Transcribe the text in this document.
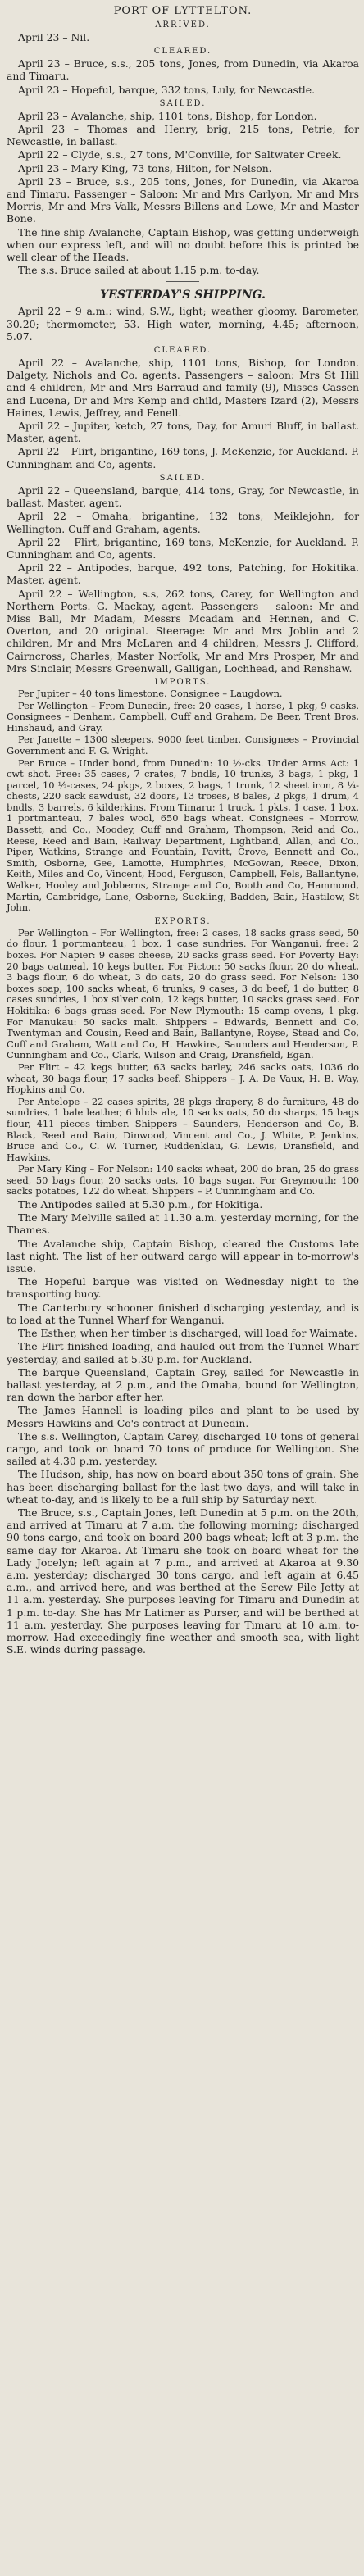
PORT OF LYTTELTON.
ARRIVED.

April 23 – Nil.

CLEARED.

April 23 – Bruce, s.s., 205 tons, Jones, from Dunedin, via Akaroa and Timaru.

April 23 – Hopeful, barque, 332 tons, Luly, for Newcastle.

SAILED.

April 23 – Avalanche, ship, 1101 tons, Bishop, for London.

April 23 – Thomas and Henry, brig, 215 tons, Petrie, for Newcastle, in ballast.

April 22 – Clyde, s.s., 27 tons, M'Conville, for Saltwater Creek.

April 23 – Mary King, 73 tons, Hilton, for Nelson.

April 23 – Bruce, s.s., 205 tons, Jones, for Dunedin, via Akaroa and Timaru. Passenger – Saloon: Mr and Mrs Carlyon, Mr and Mrs Morris, Mr and Mrs Valk, Messrs Billens and Lowe, Mr and Master Bone.

The fine ship Avalanche, Captain Bishop, was getting underweigh when our express left, and will no doubt before this is printed be well clear of the Heads.

The s.s. Bruce sailed at about 1.15 p.m. to-day.

YESTERDAY'S SHIPPING.

April 22 – 9 a.m.: wind, S.W., light; weather gloomy. Barometer, 30.20; thermometer, 53. High water, morning, 4.45; afternoon, 5.07.

CLEARED.

April 22 – Avalanche, ship, 1101 tons, Bishop, for London. Dalgety, Nichols and Co. agents. Passengers – saloon: Mrs St Hill and 4 children, Mr and Mrs Barraud and family (9), Misses Cassen and Lucena, Dr and Mrs Kemp and child, Masters Izard (2), Messrs Haines, Lewis, Jeffrey, and Fenell.

April 22 – Jupiter, ketch, 27 tons, Day, for Amuri Bluff, in ballast. Master, agent.

April 22 – Flirt, brigantine, 169 tons, J. McKenzie, for Auckland. P. Cunningham and Co, agents.

SAILED.

April 22 – Queensland, barque, 414 tons, Gray, for Newcastle, in ballast. Master, agent.

April 22 – Omaha, brigantine, 132 tons, Meiklejohn, for Wellington. Cuff and Graham, agents.

April 22 – Flirt, brigantine, 169 tons, McKenzie, for Auckland. P. Cunningham and Co, agents.

April 22 – Antipodes, barque, 492 tons, Patching, for Hokitika. Master, agent.

April 22 – Wellington, s.s, 262 tons, Carey, for Wellington and Northern Ports. G. Mackay, agent. Passengers – saloon: Mr and Miss Ball, Mr Madam, Messrs Mcadam and Hennen, and C. Overton, and 20 original. Steerage: Mr and Mrs Joblin and 2 children, Mr and Mrs McLaren and 4 children, Messrs J. Clifford, Cairncross, Charles, Master Norfolk, Mr and Mrs Prosper, Mr and Mrs Sinclair, Messrs Greenwall, Galligan, Lochhead, and Renshaw.

IMPORTS.

Per Jupiter – 40 tons limestone. Consignee – Laugdown.

Per Wellington – From Dunedin, free: 20 cases, 1 horse, 1 pkg, 9 casks. Consignees – Denham, Campbell, Cuff and Graham, De Beer, Trent Bros, Hinshaud, and Gray.

Per Janette – 1300 sleepers, 9000 feet timber. Consignees – Provincial Government and F. G. Wright.

Per Bruce – Under bond, from Dunedin: 10 ½-cks. Under Arms Act: 1 cwt shot. Free: 35 cases, 7 crates, 7 bndls, 10 trunks, 3 bags, 1 pkg, 1 parcel, 10 ½-cases, 24 pkgs, 2 boxes, 2 bags, 1 trunk, 12 sheet iron, 8 ¼-chests, 220 sack sawdust, 32 doors, 13 troses, 8 bales, 2 pkgs, 1 drum, 4 bndls, 3 barrels, 6 kilderkins. From Timaru: 1 truck, 1 pkts, 1 case, 1 box, 1 portmanteau, 7 bales wool, 650 bags wheat. Consignees – Morrow, Bassett, and Co., Moodey, Cuff and Graham, Thompson, Reid and Co., Reese, Reed and Bain, Railway Department, Lightband, Allan, and Co., Piper, Watkins, Strange and Fountain, Pavitt, Crove, Bennett and Co., Smith, Osborne, Gee, Lamotte, Humphries, McGowan, Reece, Dixon, Keith, Miles and Co, Vincent, Hood, Ferguson, Campbell, Fels, Ballantyne, Walker, Hooley and Jobberns, Strange and Co, Booth and Co, Hammond, Martin, Cambridge, Lane, Osborne, Suckling, Badden, Bain, Hastilow, St John.

EXPORTS.

Per Wellington – For Wellington, free: 2 cases, 18 sacks grass seed, 50 do flour, 1 portmanteau, 1 box, 1 case sundries. For Wanganui, free: 2 boxes. For Napier: 9 cases cheese, 20 sacks grass seed. For Poverty Bay: 20 bags oatmeal, 10 kegs butter. For Picton: 50 sacks flour, 20 do wheat, 3 bags flour, 6 do wheat, 3 do oats, 20 do grass seed. For Nelson: 130 boxes soap, 100 sacks wheat, 6 trunks, 9 cases, 3 do beef, 1 do butter, 8 cases sundries, 1 box silver coin, 12 kegs butter, 10 sacks grass seed. For Hokitika: 6 bags grass seed. For New Plymouth: 15 camp ovens, 1 pkg. For Manukau: 50 sacks malt. Shippers – Edwards, Bennett and Co, Twentyman and Cousin, Reed and Bain, Ballantyne, Royse, Stead and Co, Cuff and Graham, Watt and Co, H. Hawkins, Saunders and Henderson, P. Cunningham and Co., Clark, Wilson and Craig, Dransfield, Egan.

Per Flirt – 42 kegs butter, 63 sacks barley, 246 sacks oats, 1036 do wheat, 30 bags flour, 17 sacks beef. Shippers – J. A. De Vaux, H. B. Way, Hopkins and Co.

Per Antelope – 22 cases spirits, 28 pkgs drapery, 8 do furniture, 48 do sundries, 1 bale leather, 6 hhds ale, 10 sacks oats, 50 do sharps, 15 bags flour, 411 pieces timber. Shippers – Saunders, Henderson and Co, B. Black, Reed and Bain, Dinwood, Vincent and Co., J. White, P. Jenkins, Bruce and Co., C. W. Turner, Ruddenklau, G. Lewis, Dransfield, and Hawkins.

Per Mary King – For Nelson: 140 sacks wheat, 200 do bran, 25 do grass seed, 50 bags flour, 20 sacks oats, 10 bags sugar. For Greymouth: 100 sacks potatoes, 122 do wheat. Shippers – P. Cunningham and Co.

The Antipodes sailed at 5.30 p.m., for Hokitiga.

The Mary Melville sailed at 11.30 a.m. yesterday morning, for the Thames.

The Avalanche ship, Captain Bishop, cleared the Customs late last night. The list of her outward cargo will appear in to-morrow's issue.

The Hopeful barque was visited on Wednesday night to the transporting buoy.

The Canterbury schooner finished discharging yesterday, and is to load at the Tunnel Wharf for Wanganui.

The Esther, when her timber is discharged, will load for Waimate.

The Flirt finished loading, and hauled out from the Tunnel Wharf yesterday, and sailed at 5.30 p.m. for Auckland.

The barque Queensland, Captain Grey, sailed for Newcastle in ballast yesterday, at 2 p.m., and the Omaha, bound for Wellington, ran down the harbor after her.

The James Hannell is loading piles and plant to be used by Messrs Hawkins and Co's contract at Dunedin.

The s.s. Wellington, Captain Carey, discharged 10 tons of general cargo, and took on board 70 tons of produce for Wellington. She sailed at 4.30 p.m. yesterday.

The Hudson, ship, has now on board about 350 tons of grain. She has been discharging ballast for the last two days, and will take in wheat to-day, and is likely to be a full ship by Saturday next.

The Bruce, s.s., Captain Jones, left Dunedin at 5 p.m. on the 20th, and arrived at Timaru at 7 a.m. the following morning; discharged 90 tons cargo, and took on board 200 bags wheat; left at 3 p.m. the same day for Akaroa. At Timaru she took on board wheat for the Lady Jocelyn; left again at 7 p.m., and arrived at Akaroa at 9.30 a.m. yesterday; discharged 30 tons cargo, and left again at 6.45 a.m., and arrived here, and was berthed at the Screw Pile Jetty at 11 a.m. yesterday. She purposes leaving for Timaru and Dunedin at 1 p.m. to-day. She has Mr Latimer as Purser, and will be berthed at 11 a.m. yesterday. She purposes leaving for Timaru at 10 a.m. to-morrow. Had exceedingly fine weather and smooth sea, with light S.E. winds during passage.
